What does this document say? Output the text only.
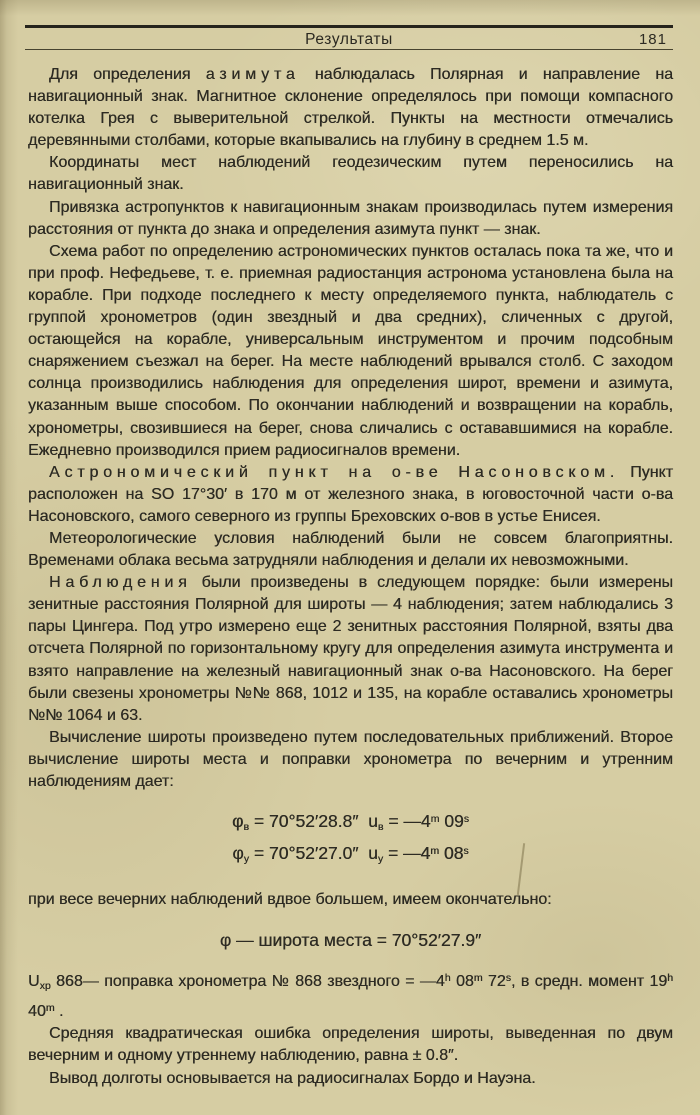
Результаты	181

Для определения азимута наблюдалась Полярная и направление на навигационный знак. Магнитное склонение определялось при помощи компасного котелка Грея с выверительной стрелкой. Пункты на местности отмечались деревянными столбами, которые вкапывались на глубину в среднем 1.5 м.

Координаты мест наблюдений геодезическим путем переносились на навигационный знак.

Привязка астропунктов к навигационным знакам производилась путем измерения расстояния от пункта до знака и определения азимута пункт — знак.

Схема работ по определению астрономических пунктов осталась пока та же, что и при проф. Нефедьеве, т. е. приемная радиостанция астронома установлена была на корабле. При подходе последнего к месту определяемого пункта, наблюдатель с группой хронометров (один звездный и два средних), сличенных с другой, остающейся на корабле, универсальным инструментом и прочим подсобным снаряжением съезжал на берег. На месте наблюдений врывался столб. С заходом солнца производились наблюдения для определения широт, времени и азимута, указанным выше способом. По окончании наблюдений и возвращении на корабль, хронометры, свозившиеся на берег, снова сличались с остававшимися на корабле. Ежедневно производился прием радиосигналов времени.

Астрономический пункт на о-ве Насоновском. Пункт расположен на SO 17°30′ в 170 м от железного знака, в юговосточной части о-ва Насоновского, самого северного из группы Бреховских о-вов в устье Енисея.

Метеорологические условия наблюдений были не совсем благоприятны. Временами облака весьма затрудняли наблюдения и делали их невозможными.

Наблюдения были произведены в следующем порядке: были измерены зенитные расстояния Полярной для широты — 4 наблюдения; затем наблюдались 3 пары Цингера. Под утро измерено еще 2 зенитных расстояния Полярной, взяты два отсчета Полярной по горизонтальному кругу для определения азимута инструмента и взято направление на железный навигационный знак о-ва Насоновского. На берег были свезены хронометры №№ 868, 1012 и 135, на корабле оставались хронометры №№ 1064 и 63.

Вычисление широты произведено путем последовательных приближений. Второе вычисление широты места и поправки хронометра по вечерним и утренним наблюдениям дает:

φв = 70°52′28.8″  uв = $—4^m$ 09$^s$
φу = 70°52′27.0″  uу = $—4^m$ 08$^s$

при весе вечерних наблюдений вдвое большем, имеем окончательно:

φ — широта места = 70°52′27.9″

Uхр 868— поправка хронометра № 868 звездного = $—4^h$ 08$^m$ 72$^s$, в средн. момент 19$^h$ 40$^m$ .

Средняя квадратическая ошибка определения широты, выведенная по двум вечерним и одному утреннему наблюдению, равна ± 0.8″.

Вывод долготы основывается на радиосигналах Бордо и Науэна.
